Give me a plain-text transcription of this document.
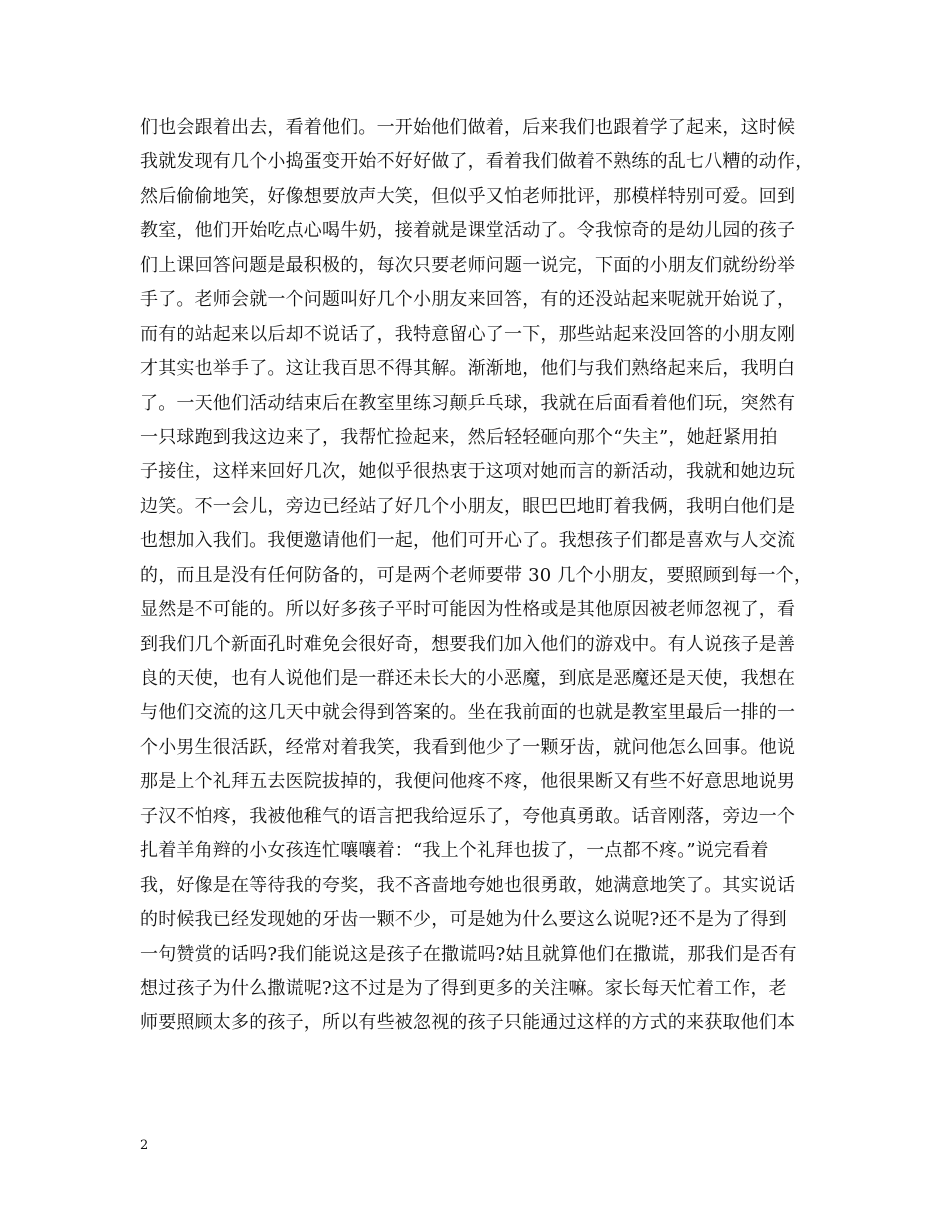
们也会跟着出去，看着他们。一开始他们做着，后来我们也跟着学了起来，这时候
我就发现有几个小捣蛋变开始不好好做了，看着我们做着不熟练的乱七八糟的动作，
然后偷偷地笑，好像想要放声大笑，但似乎又怕老师批评，那模样特别可爱。回到
教室，他们开始吃点心喝牛奶，接着就是课堂活动了。令我惊奇的是幼儿园的孩子
们上课回答问题是最积极的，每次只要老师问题一说完，下面的小朋友们就纷纷举
手了。老师会就一个问题叫好几个小朋友来回答，有的还没站起来呢就开始说了，
而有的站起来以后却不说话了，我特意留心了一下，那些站起来没回答的小朋友刚
才其实也举手了。这让我百思不得其解。渐渐地，他们与我们熟络起来后，我明白
了。一天他们活动结束后在教室里练习颠乒乓球，我就在后面看着他们玩，突然有
一只球跑到我这边来了，我帮忙捡起来，然后轻轻砸向那个“失主”，她赶紧用拍
子接住，这样来回好几次，她似乎很热衷于这项对她而言的新活动，我就和她边玩
边笑。不一会儿，旁边已经站了好几个小朋友，眼巴巴地盯着我俩，我明白他们是
也想加入我们。我便邀请他们一起，他们可开心了。我想孩子们都是喜欢与人交流
的，而且是没有任何防备的，可是两个老师要带 30 几个小朋友，要照顾到每一个，
显然是不可能的。所以好多孩子平时可能因为性格或是其他原因被老师忽视了，看
到我们几个新面孔时难免会很好奇，想要我们加入他们的游戏中。有人说孩子是善
良的天使，也有人说他们是一群还未长大的小恶魔，到底是恶魔还是天使，我想在
与他们交流的这几天中就会得到答案的。坐在我前面的也就是教室里最后一排的一
个小男生很活跃，经常对着我笑，我看到他少了一颗牙齿，就问他怎么回事。他说
那是上个礼拜五去医院拔掉的，我便问他疼不疼，他很果断又有些不好意思地说男
子汉不怕疼，我被他稚气的语言把我给逗乐了，夸他真勇敢。话音刚落，旁边一个
扎着羊角辫的小女孩连忙嚷嚷着：“我上个礼拜也拔了，一点都不疼。”说完看着
我，好像是在等待我的夸奖，我不吝啬地夸她也很勇敢，她满意地笑了。其实说话
的时候我已经发现她的牙齿一颗不少，可是她为什么要这么说呢?还不是为了得到
一句赞赏的话吗?我们能说这是孩子在撒谎吗?姑且就算他们在撒谎，那我们是否有
想过孩子为什么撒谎呢?这不过是为了得到更多的关注嘛。家长每天忙着工作，老
师要照顾太多的孩子，所以有些被忽视的孩子只能通过这样的方式的来获取他们本
2
